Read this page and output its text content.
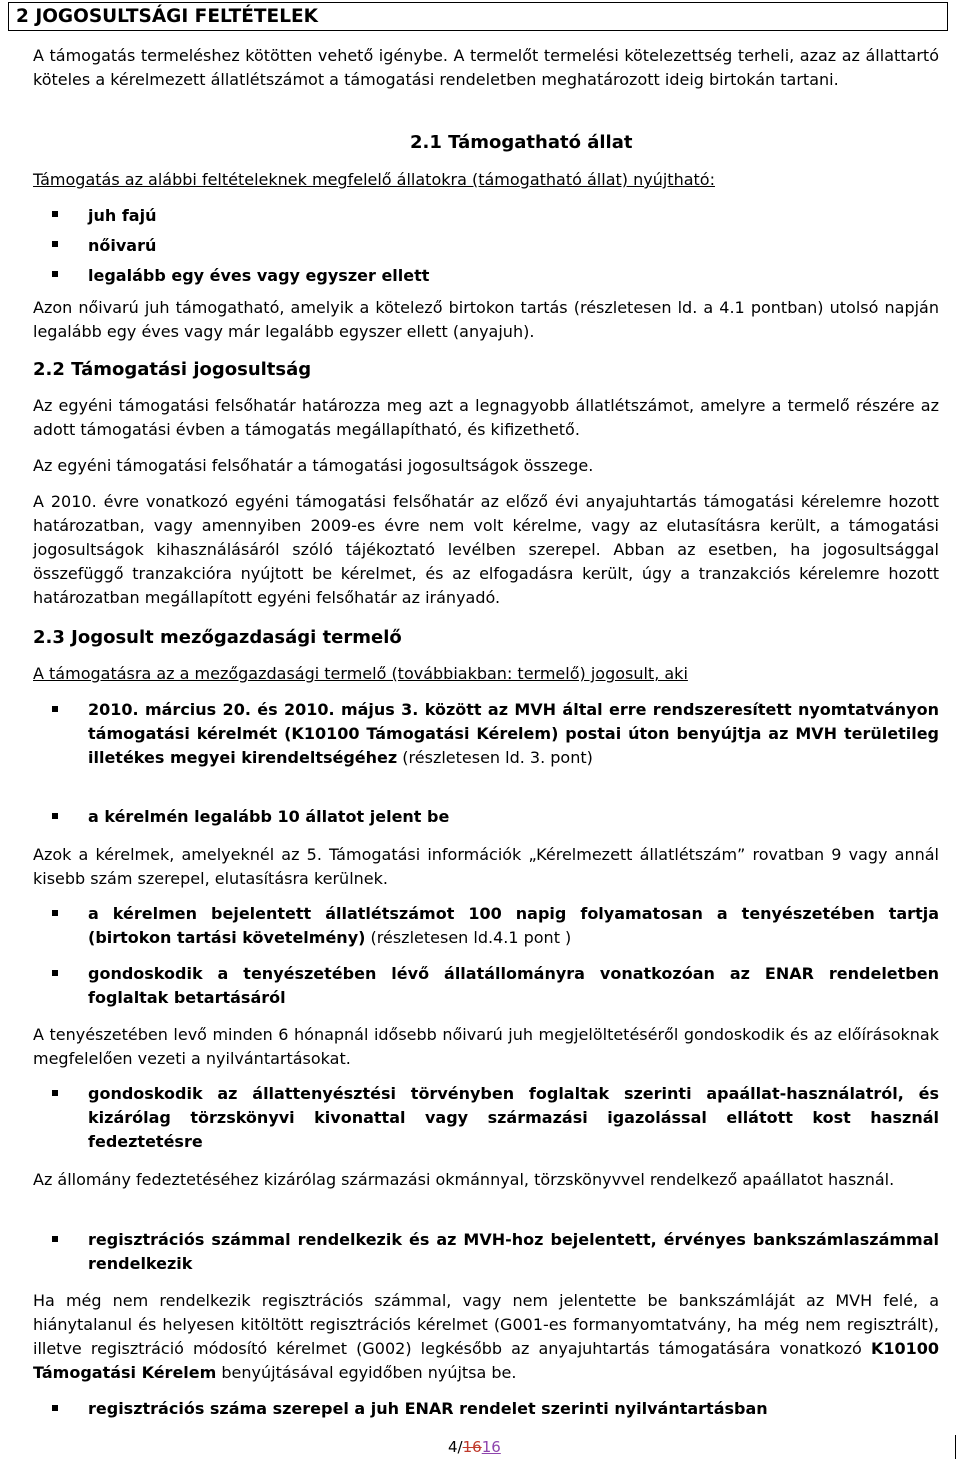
2 JOGOSULTSÁGI FELTÉTELEK
A támogatás termeléshez kötötten vehető igénybe. A termelőt termelési kötelezettség terheli, azaz az állattartó köteles a kérelmezett állatlétszámot a támogatási rendeletben meghatározott ideig birtokán tartani.
2.1 Támogatható állat
Támogatás az alábbi feltételeknek megfelelő állatokra (támogatható állat) nyújtható:
juh fajú
nőivarú
legalább egy éves vagy egyszer ellett
Azon nőivarú juh támogatható, amelyik a kötelező birtokon tartás (részletesen ld. a 4.1 pontban) utolsó napján legalább egy éves vagy már legalább egyszer ellett (anyajuh).
2.2 Támogatási jogosultság
Az egyéni támogatási felsőhatár határozza meg azt a legnagyobb állatlétszámot, amelyre a termelő részére az adott támogatási évben a támogatás megállapítható, és kifizethető.
Az egyéni támogatási felsőhatár a támogatási jogosultságok összege.
A 2010. évre vonatkozó egyéni támogatási felsőhatár az előző évi anyajuhtartás támogatási kérelemre hozott határozatban, vagy amennyiben 2009-es évre nem volt kérelme, vagy az elutasításra került, a támogatási jogosultságok kihasználásáról szóló tájékoztató levélben szerepel. Abban az esetben, ha jogosultsággal összefüggő tranzakcióra nyújtott be kérelmet, és az elfogadásra került, úgy a tranzakciós kérelemre hozott határozatban megállapított egyéni felsőhatár az irányadó.
2.3 Jogosult mezőgazdasági termelő
A támogatásra az a mezőgazdasági termelő (továbbiakban: termelő) jogosult, aki
2010. március 20. és 2010. május 3. között az MVH által erre rendszeresített nyomtatványon támogatási kérelmét (K10100 Támogatási Kérelem) postai úton benyújtja az MVH területileg illetékes megyei kirendeltségéhez (részletesen ld. 3. pont)
a kérelmén legalább 10 állatot jelent be
Azok a kérelmek, amelyeknél az 5. Támogatási információk „Kérelmezett állatlétszám” rovatban 9 vagy annál kisebb szám szerepel, elutasításra kerülnek.
a kérelmen bejelentett állatlétszámot 100 napig folyamatosan a tenyészetében tartja (birtokon tartási követelmény) (részletesen ld.4.1 pont )
gondoskodik a tenyészetében lévő állatállományra vonatkozóan az ENAR rendeletben foglaltak betartásáról
A tenyészetében levő minden 6 hónapnál idősebb nőivarú juh megjelöltetéséről gondoskodik és az előírásoknak megfelelően vezeti a nyilvántartásokat.
gondoskodik az állattenyésztési törvényben foglaltak szerinti apaállat-használatról, és kizárólag törzskönyvi kivonattal vagy származási igazolással ellátott kost használ fedeztetésre
Az állomány fedeztetéséhez kizárólag származási okmánnyal, törzskönyvvel rendelkező apaállatot használ.
regisztrációs számmal rendelkezik és az MVH-hoz bejelentett, érvényes bankszámlaszámmal rendelkezik
Ha még nem rendelkezik regisztrációs számmal, vagy nem jelentette be bankszámláját az MVH felé, a hiánytalanul és helyesen kitöltött regisztrációs kérelmet (G001-es formanyomtatvány, ha még nem regisztrált), illetve regisztráció módosító kérelmet (G002) legkésőbb az anyajuhtartás támogatására vonatkozó K10100 Támogatási Kérelem benyújtásával egyidőben nyújtsa be.
regisztrációs száma szerepel a juh ENAR rendelet szerinti nyilvántartásban
4/1616
